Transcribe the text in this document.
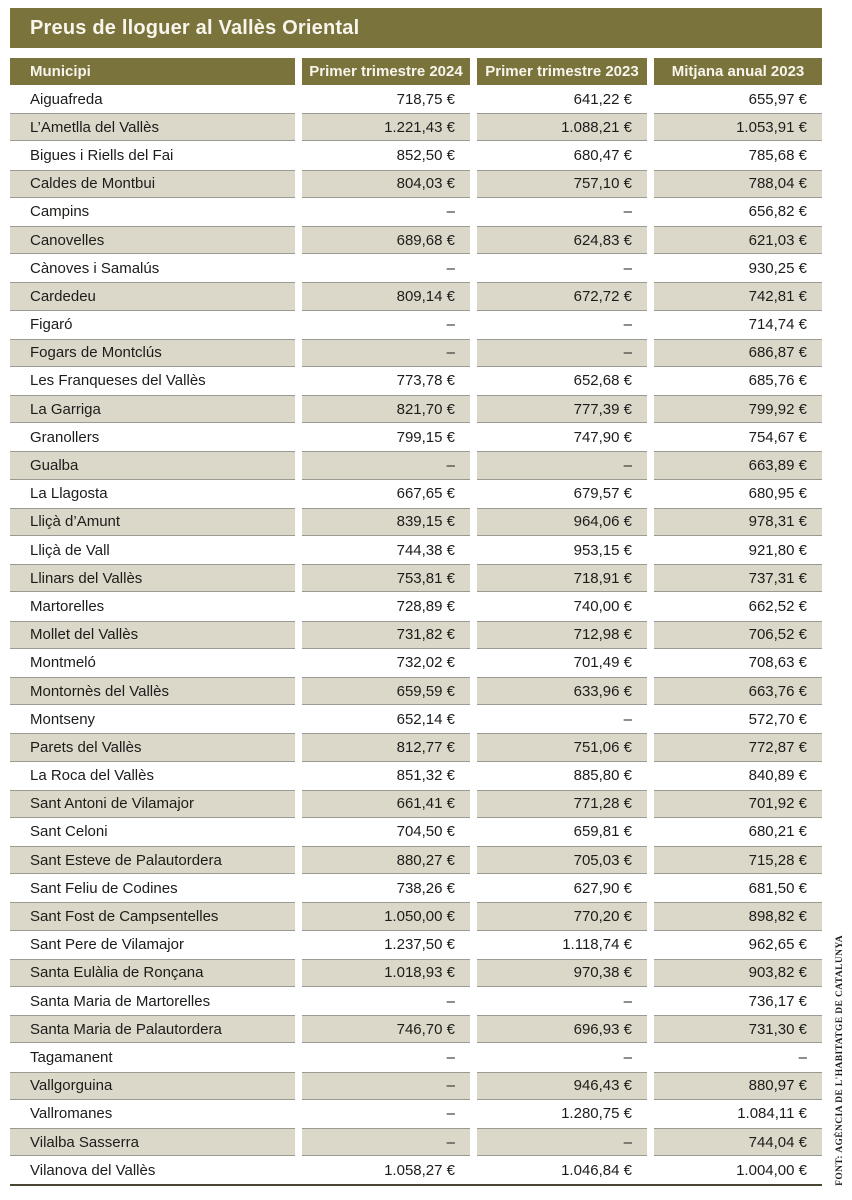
Preus de lloguer al Vallès Oriental
Municipi	Primer trimestre 2024	Primer trimestre 2023	Mitjana anual 2023
Aiguafreda	718,75 €	641,22 €	655,97 €
L’Ametlla del Vallès	1.221,43 €	1.088,21 €	1.053,91 €
Bigues i Riells del Fai	852,50 €	680,47 €	785,68 €
Caldes de Montbui	804,03 €	757,10 €	788,04 €
Campins	–	–	656,82 €
Canovelles	689,68 €	624,83 €	621,03 €
Cànoves i Samalús	–	–	930,25 €
Cardedeu	809,14 €	672,72 €	742,81 €
Figaró	–	–	714,74 €
Fogars de Montclús	–	–	686,87 €
Les Franqueses del Vallès	773,78 €	652,68 €	685,76 €
La Garriga	821,70 €	777,39 €	799,92 €
Granollers	799,15 €	747,90 €	754,67 €
Gualba	–	–	663,89 €
La Llagosta	667,65 €	679,57 €	680,95 €
Lliçà d’Amunt	839,15 €	964,06 €	978,31 €
Lliçà de Vall	744,38 €	953,15 €	921,80 €
Llinars del Vallès	753,81 €	718,91 €	737,31 €
Martorelles	728,89 €	740,00 €	662,52 €
Mollet del Vallès	731,82 €	712,98 €	706,52 €
Montmeló	732,02 €	701,49 €	708,63 €
Montornès del Vallès	659,59 €	633,96 €	663,76 €
Montseny	652,14 €	–	572,70 €
Parets del Vallès	812,77 €	751,06 €	772,87 €
La Roca del Vallès	851,32 €	885,80 €	840,89 €
Sant Antoni de Vilamajor	661,41 €	771,28 €	701,92 €
Sant Celoni	704,50 €	659,81 €	680,21 €
Sant Esteve de Palautordera	880,27 €	705,03 €	715,28 €
Sant Feliu de Codines	738,26 €	627,90 €	681,50 €
Sant Fost de Campsentelles	1.050,00 €	770,20 €	898,82 €
Sant Pere de Vilamajor	1.237,50 €	1.118,74 €	962,65 €
Santa Eulàlia de Ronçana	1.018,93 €	970,38 €	903,82 €
Santa Maria de Martorelles	–	–	736,17 €
Santa Maria de Palautordera	746,70 €	696,93 €	731,30 €
Tagamanent	–	–	–
Vallgorguina	–	946,43 €	880,97 €
Vallromanes	–	1.280,75 €	1.084,11 €
Vilalba Sasserra	–	–	744,04 €
Vilanova del Vallès	1.058,27 €	1.046,84 €	1.004,00 €	FONT: AGÈNCIA DE L'HABITATGE DE CATALUNYA
